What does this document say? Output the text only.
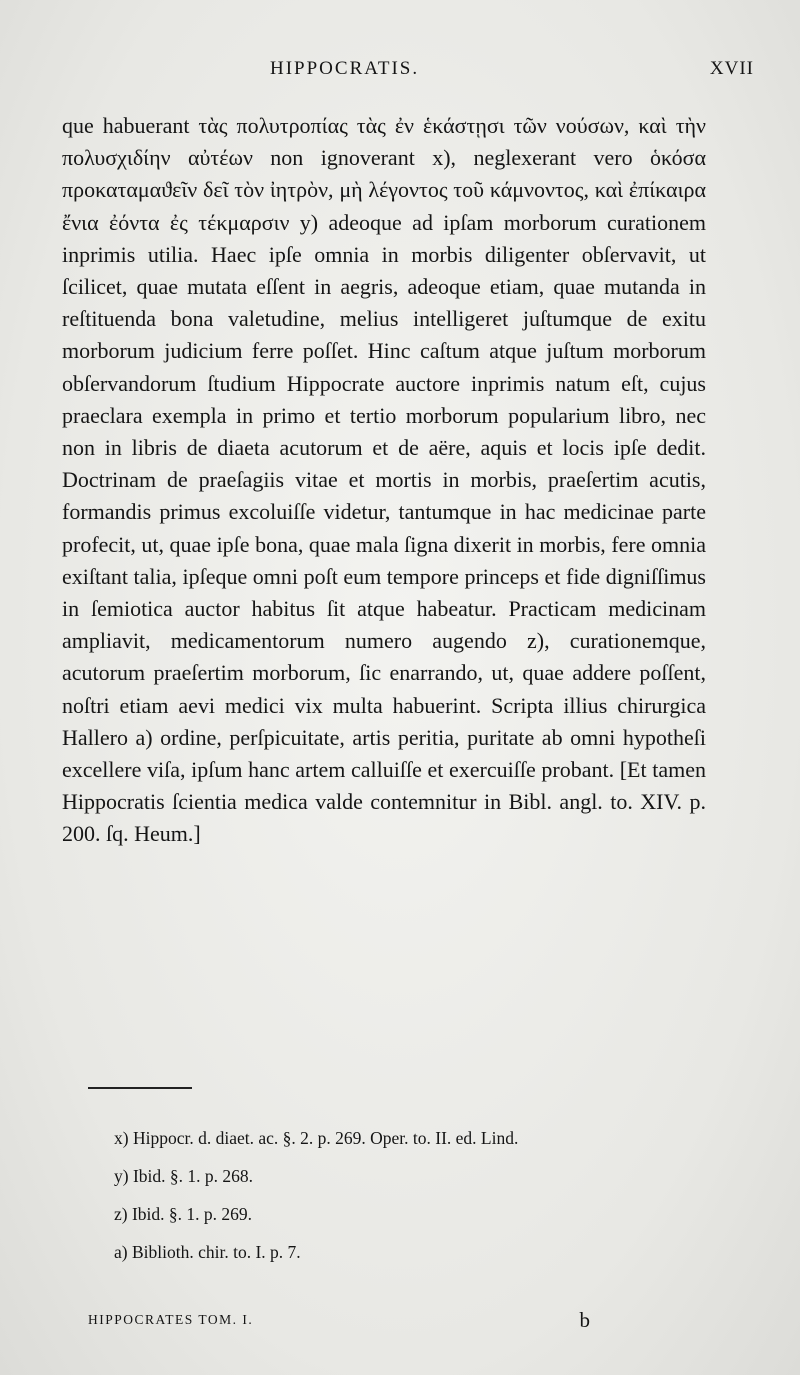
HIPPOCRATIS.	XVII

que habuerant τὰς πολυτροπίας τὰς ἐν ἑκάστῃσι τῶν νούσων, καὶ τὴν πολυσχιδίην αὐτέων non ignoverant x), neglexerant vero ὁκόσα προκαταμαϑεῖν δεῖ τὸν ἰητρὸν, μὴ λέγοντος τοῦ κάμνοντος, καὶ ἐπίκαιρα ἔνια ἐόντα ἐς τέκμαρσιν y) adeoque ad ipſam morborum curationem inprimis utilia. Haec ipſe omnia in morbis diligenter obſervavit, ut ſcilicet, quae mutata eſſent in aegris, adeoque etiam, quae mutanda in reſtituenda bona valetudine, melius intelligeret juſtumque de exitu morborum judicium ferre poſſet. Hinc caſtum atque juſtum morborum obſervandorum ſtudium Hippocrate auctore inprimis natum eſt, cujus praeclara exempla in primo et tertio morborum popularium libro, nec non in libris de diaeta acutorum et de aëre, aquis et locis ipſe dedit. Doctrinam de praeſagiis vitae et mortis in morbis, praeſertim acutis, formandis primus excoluiſſe videtur, tantumque in hac medicinae parte profecit, ut, quae ipſe bona, quae mala ſigna dixerit in morbis, fere omnia exiſtant talia, ipſeque omni poſt eum tempore princeps et fide digniſſimus in ſemiotica auctor habitus ſit atque habeatur. Practicam medicinam ampliavit, medicamentorum numero augendo z), curationemque, acutorum praeſertim morborum, ſic enarrando, ut, quae addere poſſent, noſtri etiam aevi medici vix multa habuerint. Scripta illius chirurgica Hallero a) ordine, perſpicuitate, artis peritia, puritate ab omni hypotheſi excellere viſa, ipſum hanc artem calluiſſe et exercuiſſe probant. [Et tamen Hippocratis ſcientia medica valde contemnitur in Bibl. angl. to. XIV. p. 200. ſq. Heum.]

x) Hippocr. d. diaet. ac. §. 2. p. 269. Oper. to. II. ed. Lind.

y) Ibid. §. 1. p. 268.

z) Ibid. §. 1. p. 269.

a) Biblioth. chir. to. I. p. 7.

HIPPOCRATES TOM. I.	b
